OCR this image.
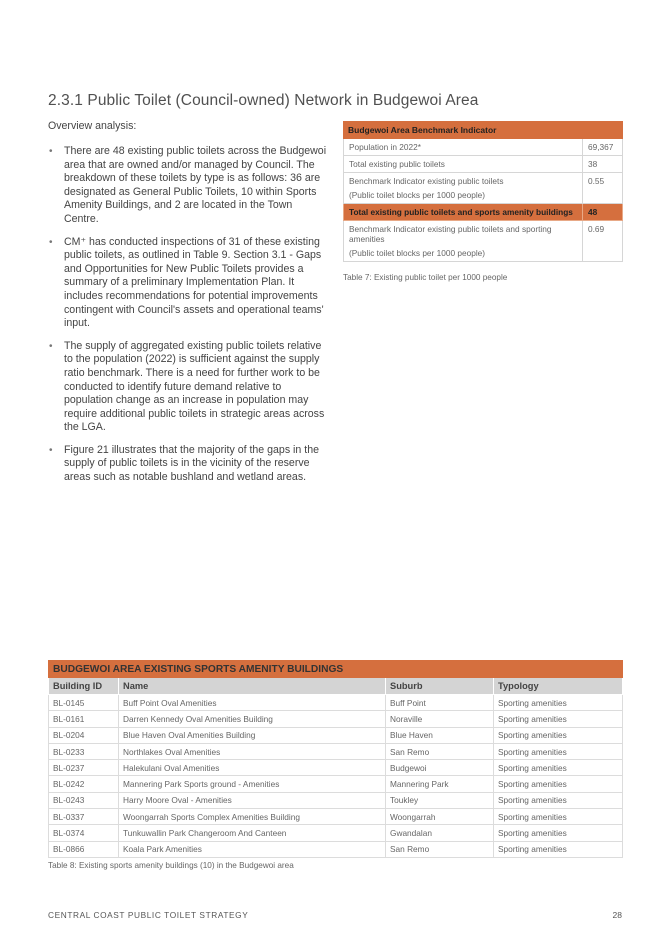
2.3.1 Public Toilet (Council-owned) Network in Budgewoi Area
Overview analysis:
• There are 48 existing public toilets across the Budgewoi area that are owned and/or managed by Council. The breakdown of these toilets by type is as follows: 36 are designated as General Public Toilets, 10 within Sports Amenity Buildings, and 2 are located in the Town Centre.
• CM⁺ has conducted inspections of 31 of these existing public toilets, as outlined in Table 9. Section 3.1 - Gaps and Opportunities for New Public Toilets provides a summary of a preliminary Implementation Plan. It includes recommendations for potential improvements contingent with Council's assets and operational teams' input.
• The supply of aggregated existing public toilets relative to the population (2022) is sufficient against the supply ratio benchmark. There is a need for further work to be conducted to identify future demand relative to population change as an increase in population may require additional public toilets in strategic areas across the LGA.
• Figure 21 illustrates that the majority of the gaps in the supply of public toilets is in the vicinity of the reserve areas such as notable bushland and wetland areas.
Budgewoi Area Benchmark Indicator	
Population in 2022*	69,367
Total existing public toilets	38
Benchmark Indicator existing public toilets
(Public toilet blocks per 1000 people)	0.55
Total existing public toilets and sports amenity buildings	48
Benchmark Indicator existing public toilets and sporting amenities
(Public toilet blocks per 1000 people)	0.69
Table 7: Existing public toilet per 1000 people
BUDGEWOI AREA EXISTING SPORTS AMENITY BUILDINGS			
Building ID	Name	Suburb	Typology
BL-0145	Buff Point Oval Amenities	Buff Point	Sporting amenities
BL-0161	Darren Kennedy Oval Amenities Building	Noraville	Sporting amenities
BL-0204	Blue Haven Oval Amenities Building	Blue Haven	Sporting amenities
BL-0233	Northlakes Oval Amenities	San Remo	Sporting amenities
BL-0237	Halekulani Oval Amenities	Budgewoi	Sporting amenities
BL-0242	Mannering Park Sports ground - Amenities	Mannering Park	Sporting amenities
BL-0243	Harry Moore Oval - Amenities	Toukley	Sporting amenities
BL-0337	Woongarrah Sports Complex Amenities Building	Woongarrah	Sporting amenities
BL-0374	Tunkuwallin Park Changeroom And Canteen	Gwandalan	Sporting amenities
BL-0866	Koala Park Amenities	San Remo	Sporting amenities
Table 8: Existing sports amenity buildings (10) in the Budgewoi area
CENTRAL COAST PUBLIC TOILET STRATEGY	28
